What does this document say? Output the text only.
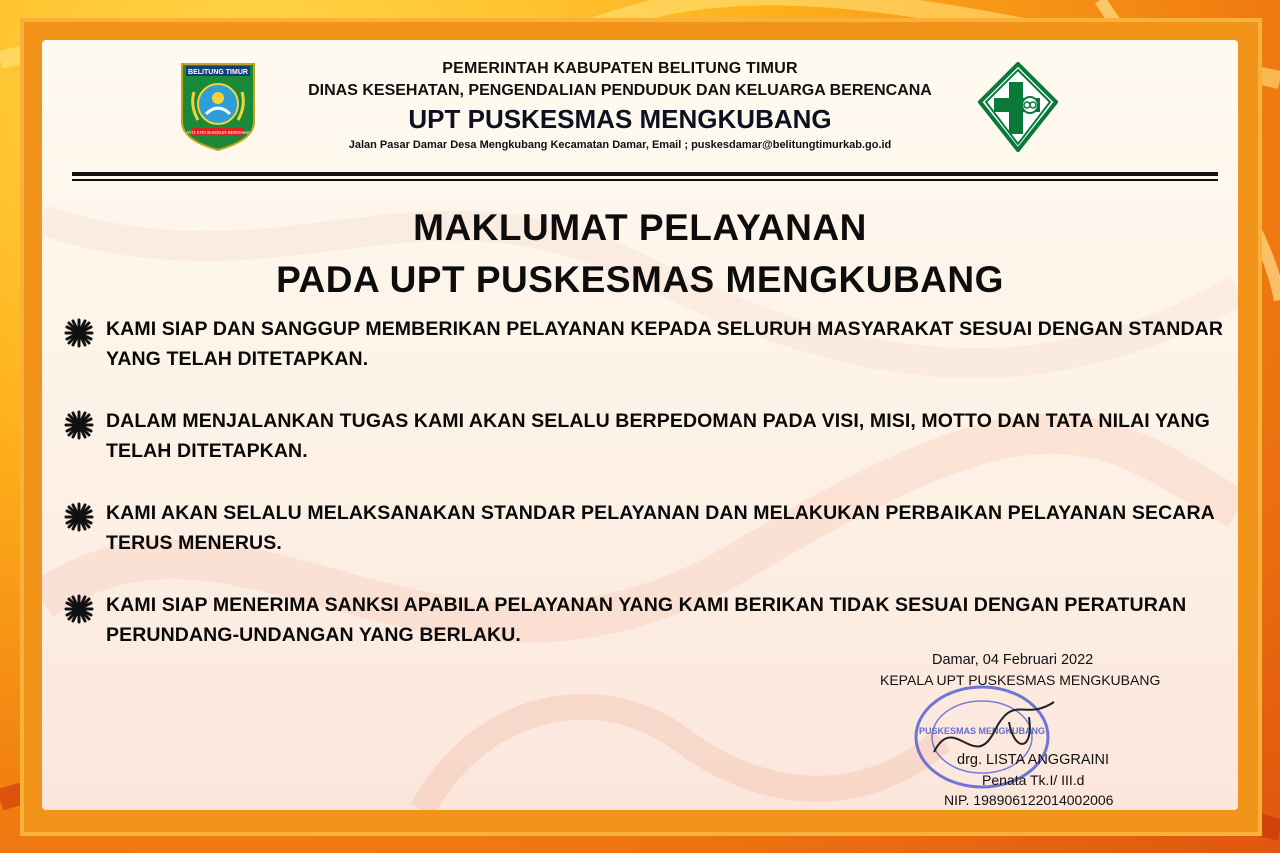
BELITUNG TIMUR
AYO KITA BANGUN BERSAMA
PEMERINTAH KABUPATEN BELITUNG TIMUR
DINAS KESEHATAN, PENGENDALIAN PENDUDUK DAN KELUARGA BERENCANA
UPT PUSKESMAS MENGKUBANG
Jalan Pasar Damar Desa Mengkubang Kecamatan Damar, Email ; puskesdamar@belitungtimurkab.go.id
MAKLUMAT PELAYANAN
PADA UPT PUSKESMAS MENGKUBANG
KAMI SIAP DAN SANGGUP MEMBERIKAN PELAYANAN KEPADA SELURUH MASYARAKAT SESUAI DENGAN STANDAR
YANG TELAH DITETAPKAN.
DALAM MENJALANKAN TUGAS KAMI AKAN SELALU BERPEDOMAN PADA VISI, MISI, MOTTO DAN TATA NILAI YANG
TELAH DITETAPKAN.
KAMI AKAN SELALU MELAKSANAKAN STANDAR PELAYANAN DAN MELAKUKAN PERBAIKAN PELAYANAN SECARA
TERUS MENERUS.
KAMI SIAP MENERIMA SANKSI APABILA PELAYANAN YANG KAMI BERIKAN TIDAK SESUAI DENGAN PERATURAN
PERUNDANG-UNDANGAN YANG BERLAKU.
PUSKESMAS MENGKUBANG
Damar, 04 Februari 2022
KEPALA UPT PUSKESMAS MENGKUBANG
drg. LISTA ANGGRAINI
Penata Tk.I/ III.d
NIP. 198906122014002006
